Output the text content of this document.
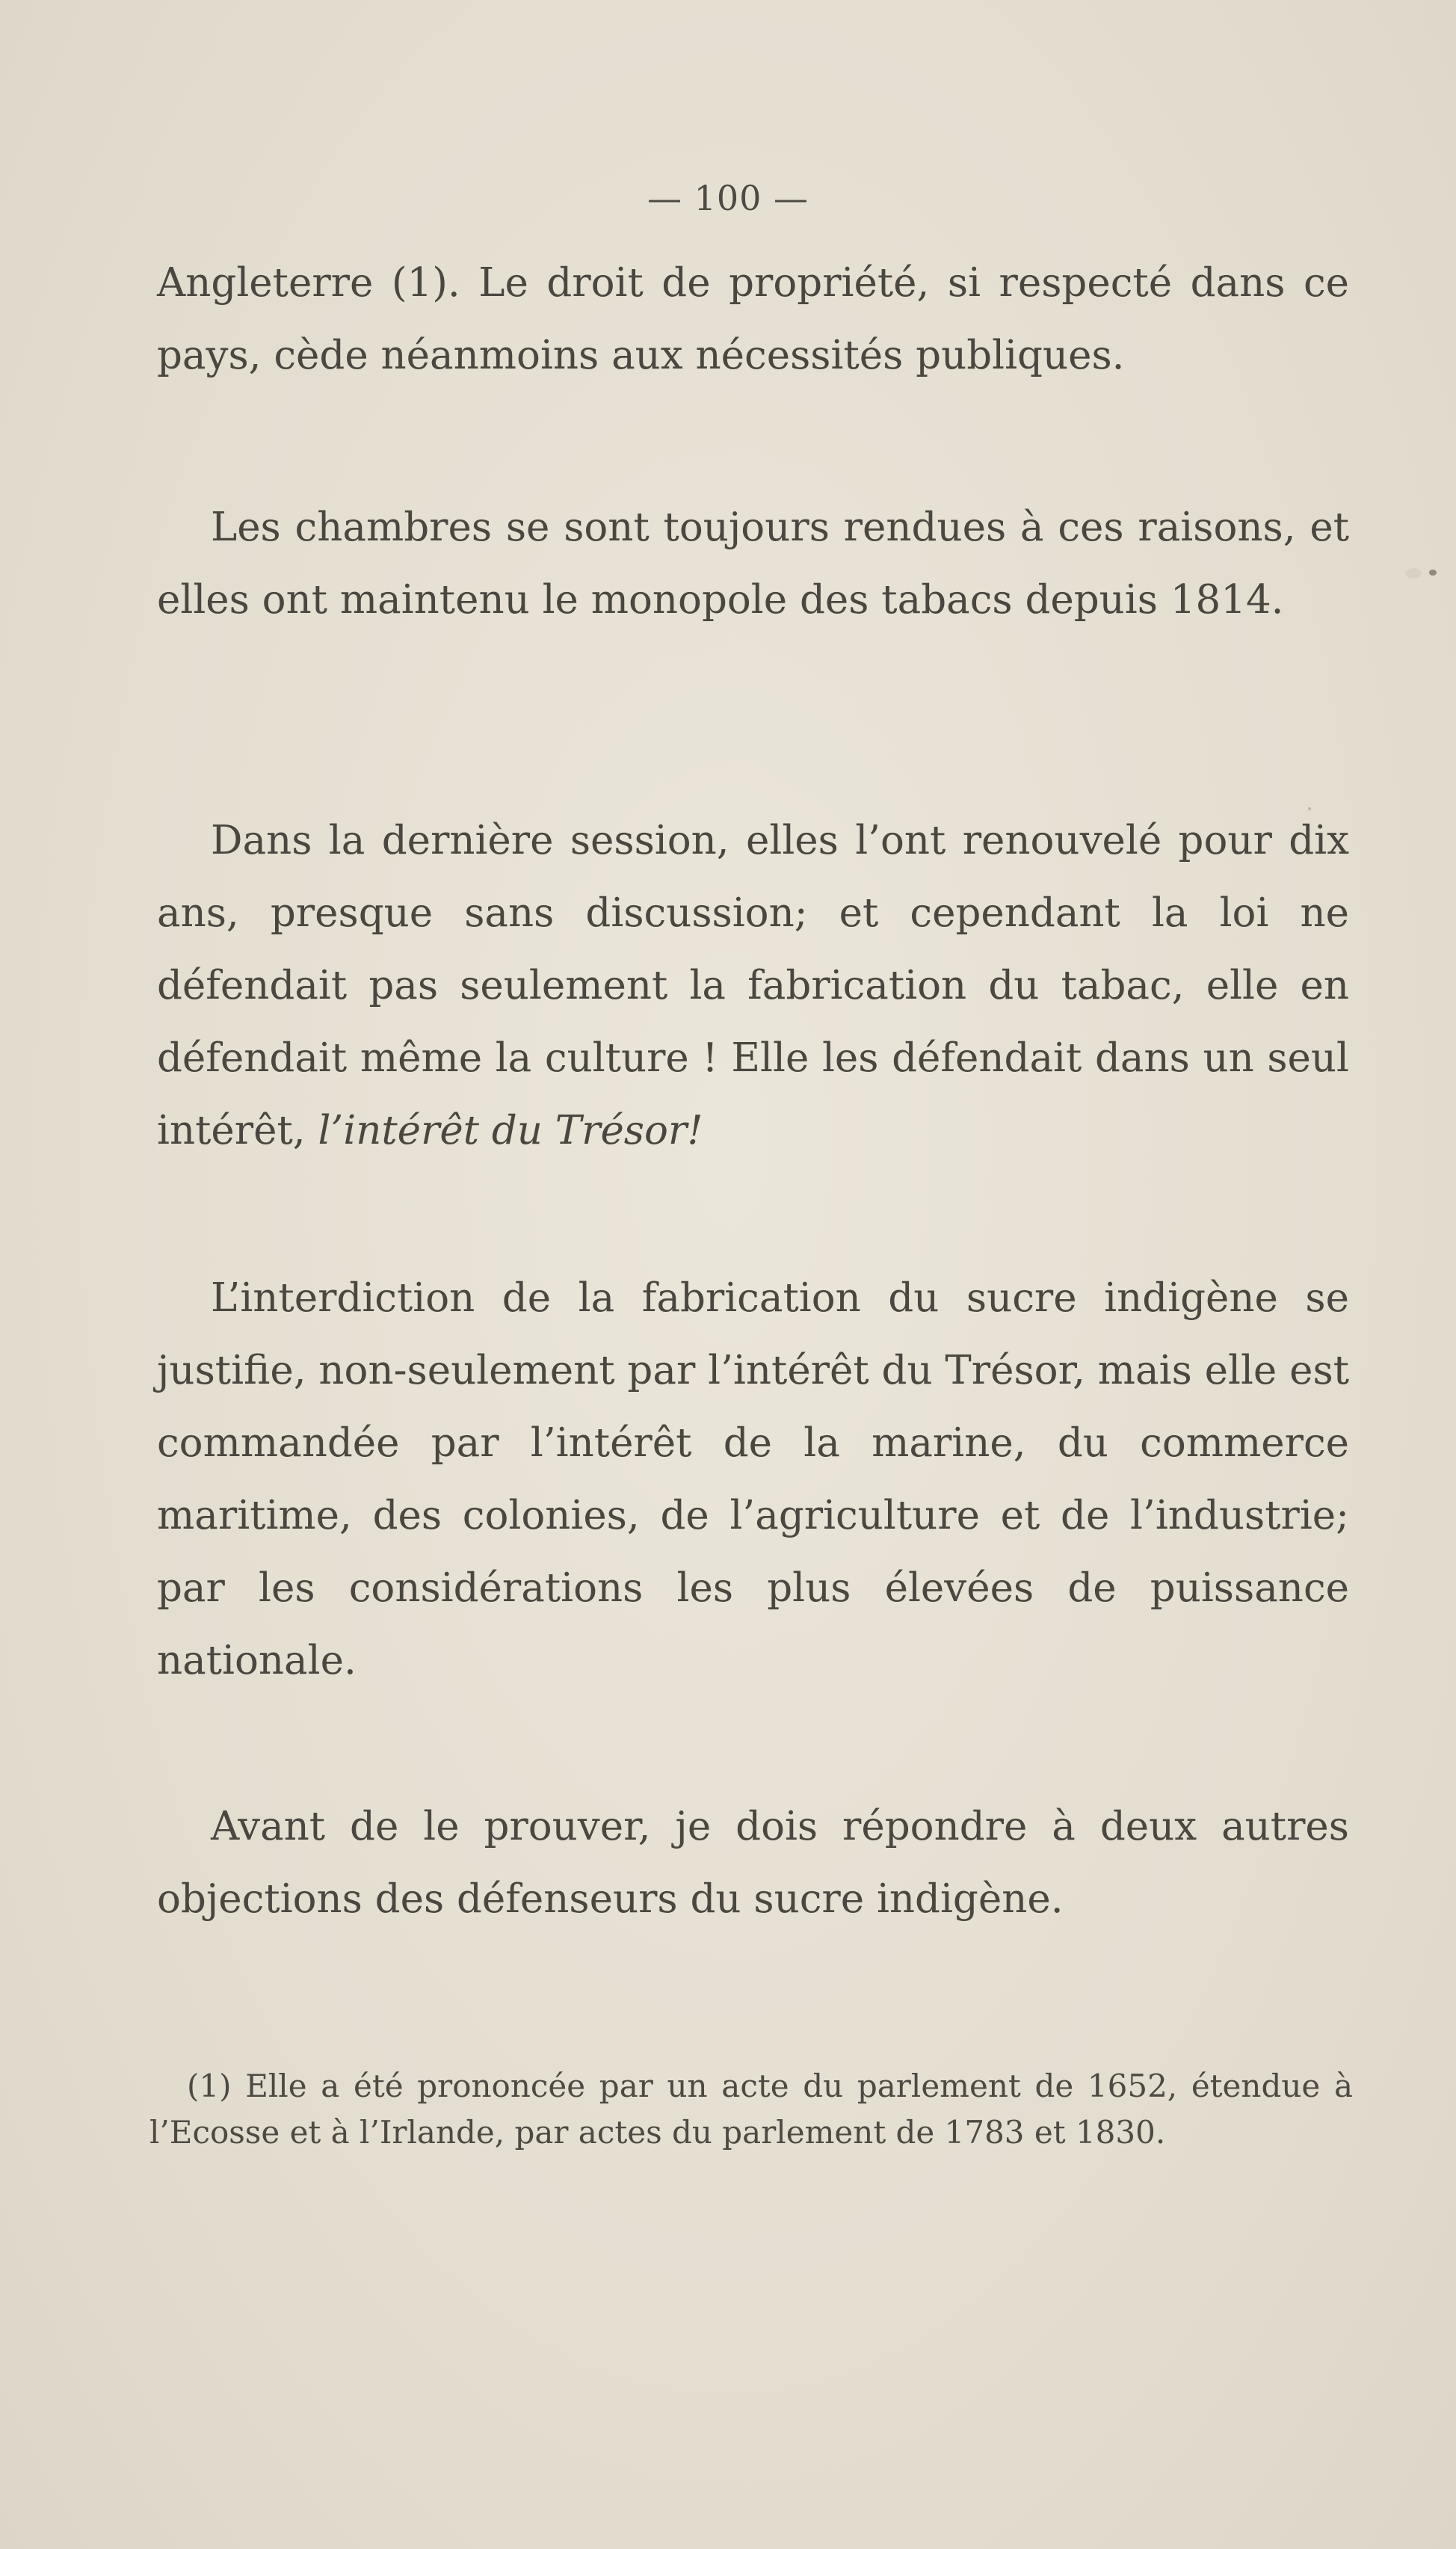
— 100 —

Angleterre (1). Le droit de propriété, si respecté dans ce pays, cède néanmoins aux nécessités publiques.

Les chambres se sont toujours rendues à ces raisons, et elles ont maintenu le monopole des tabacs depuis 1814.

Dans la dernière session, elles l’ont renouvelé pour dix ans, presque sans discussion; et cependant la loi ne défendait pas seulement la fabrication du tabac, elle en défendait même la culture ! Elle les défendait dans un seul intérêt, l’intérêt du Trésor!

L’interdiction de la fabrication du sucre indigène se justifie, non-seulement par l’intérêt du Trésor, mais elle est commandée par l’intérêt de la marine, du commerce maritime, des colonies, de l’agriculture et de l’industrie; par les considérations les plus élevées de puissance nationale.

Avant de le prouver, je dois répondre à deux autres objections des défenseurs du sucre indigène.

(1) Elle a été prononcée par un acte du parlement de 1652, étendue à l’Ecosse et à l’Irlande, par actes du parlement de 1783 et 1830.
